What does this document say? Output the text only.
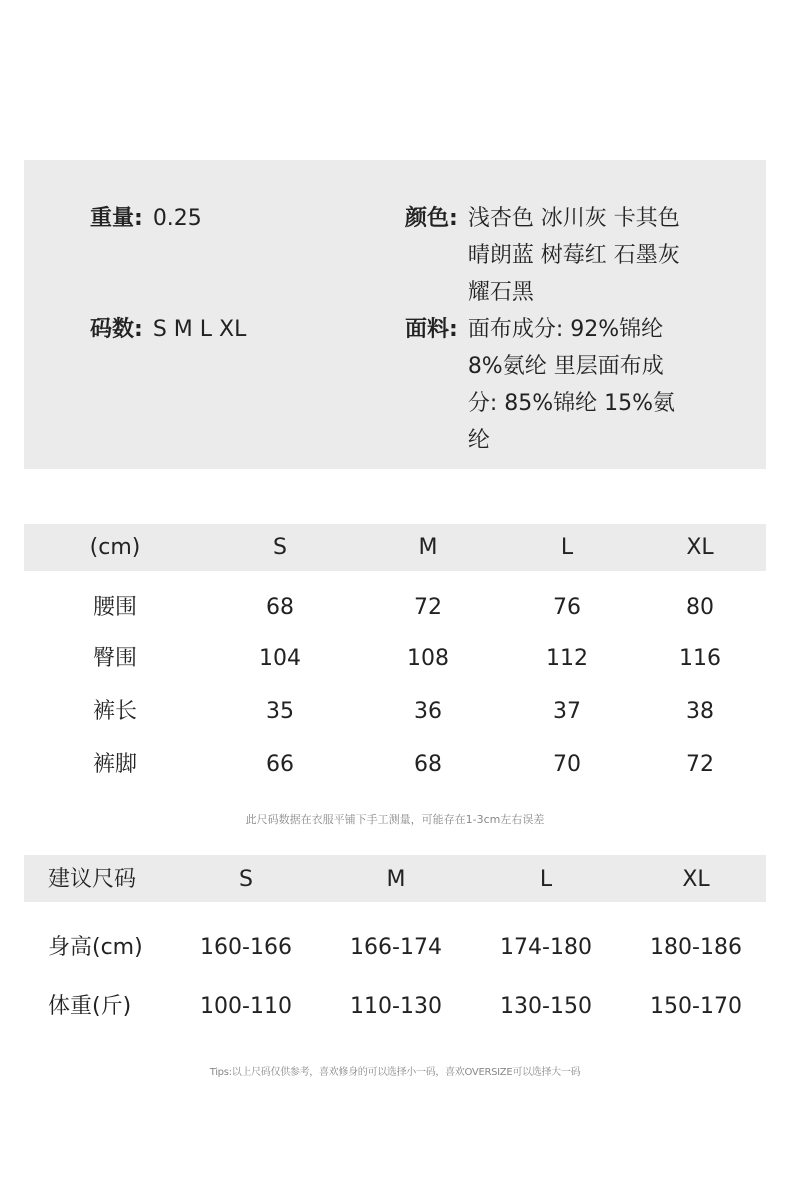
重量: 0.25	颜色: 浅杏色 冰川灰 卡其色 晴朗蓝 树莓红 石墨灰 耀石黑
码数: S M L XL	面料: 面布成分: 92%锦纶 8%氨纶 里层面布成分: 85%锦纶 15%氨纶
(cm)	S	M	L	XL
腰围	68	72	76	80
臀围	104	108	112	116
裤长	35	36	37	38
裤脚	66	68	70	72
此尺码数据在衣服平铺下手工测量，可能存在1-3cm左右误差
建议尺码	S	M	L	XL
身高(cm)	160-166	166-174	174-180	180-186
体重(斤)	100-110	110-130	130-150	150-170
Tips:以上尺码仅供参考，喜欢修身的可以选择小一码，喜欢OVERSIZE可以选择大一码
